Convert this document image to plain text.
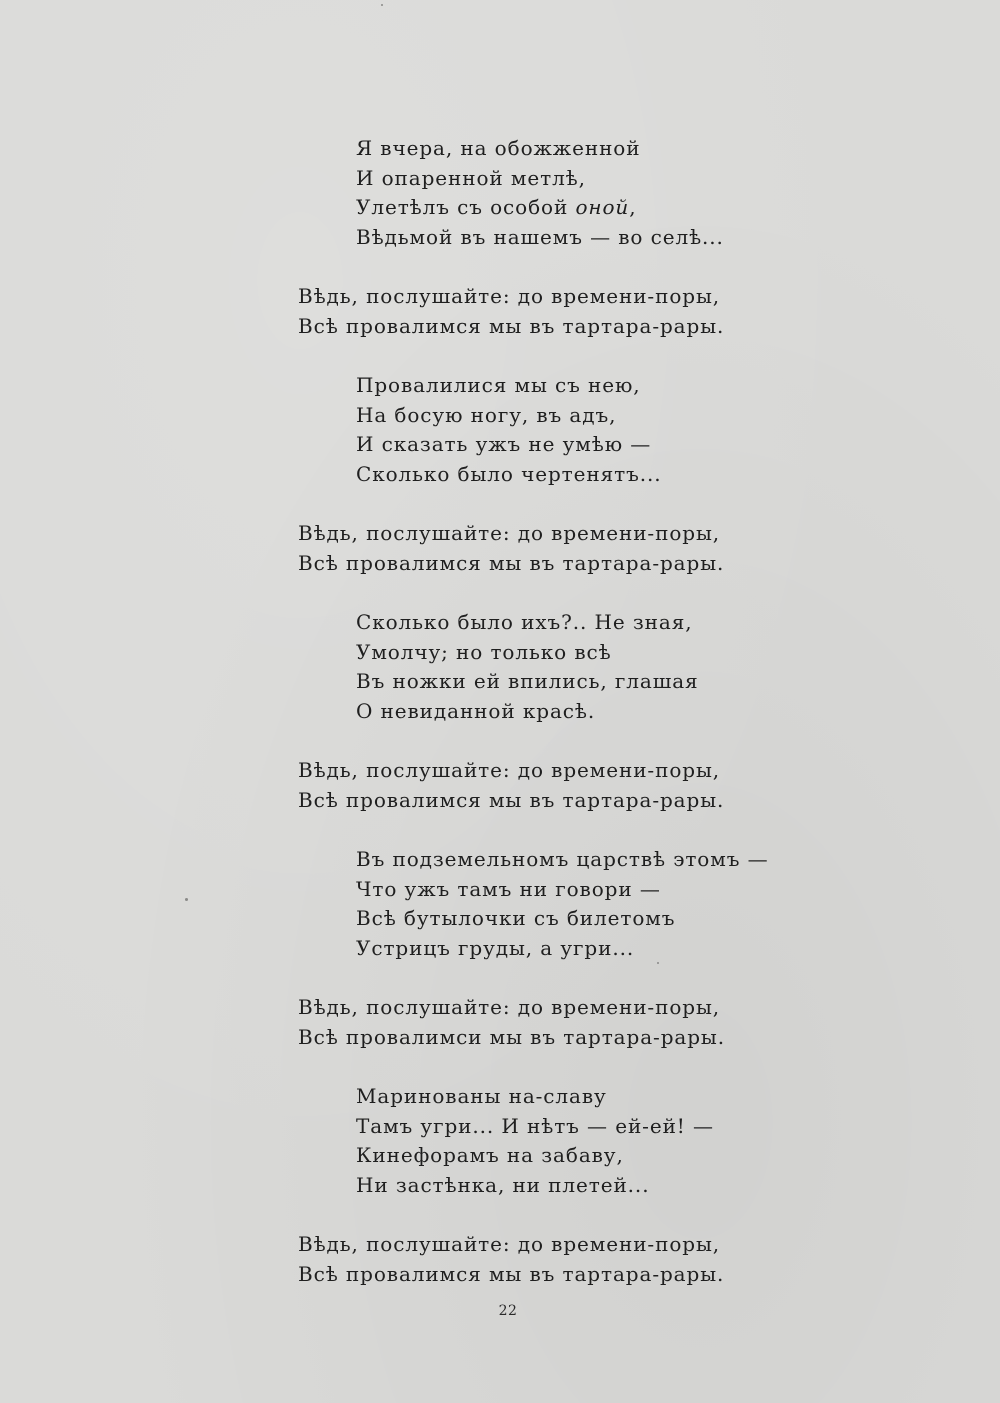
Я вчера, на обожженной
И опаренной метлѣ,
Улетѣлъ съ особой оной,
Вѣдьмой въ нашемъ — во селѣ...
Вѣдь, послушайте: до времени-поры,
Всѣ провалимся мы въ тартара-рары.
Провалилися мы съ нею,
На босую ногу, въ адъ,
И сказать ужъ не умѣю —
Сколько было чертенятъ...
Вѣдь, послушайте: до времени-поры,
Всѣ провалимся мы въ тартара-рары.
Сколько было ихъ?.. Не зная,
Умолчу; но только всѣ
Въ ножки ей впились, глашая
О невиданной красѣ.
Вѣдь, послушайте: до времени-поры,
Всѣ провалимся мы въ тартара-рары.
Въ подземельномъ царствѣ этомъ —
Что ужъ тамъ ни говори —
Всѣ бутылочки съ билетомъ
Устрицъ груды, а угри...
Вѣдь, послушайте: до времени-поры,
Всѣ провалимси мы въ тартара-рары.
Маринованы на-славу
Тамъ угри... И нѣтъ — ей-ей! —
Кинефорамъ на забаву,
Ни застѣнка, ни плетей...
Вѣдь, послушайте: до времени-поры,
Всѣ провалимся мы въ тартара-рары.
22
